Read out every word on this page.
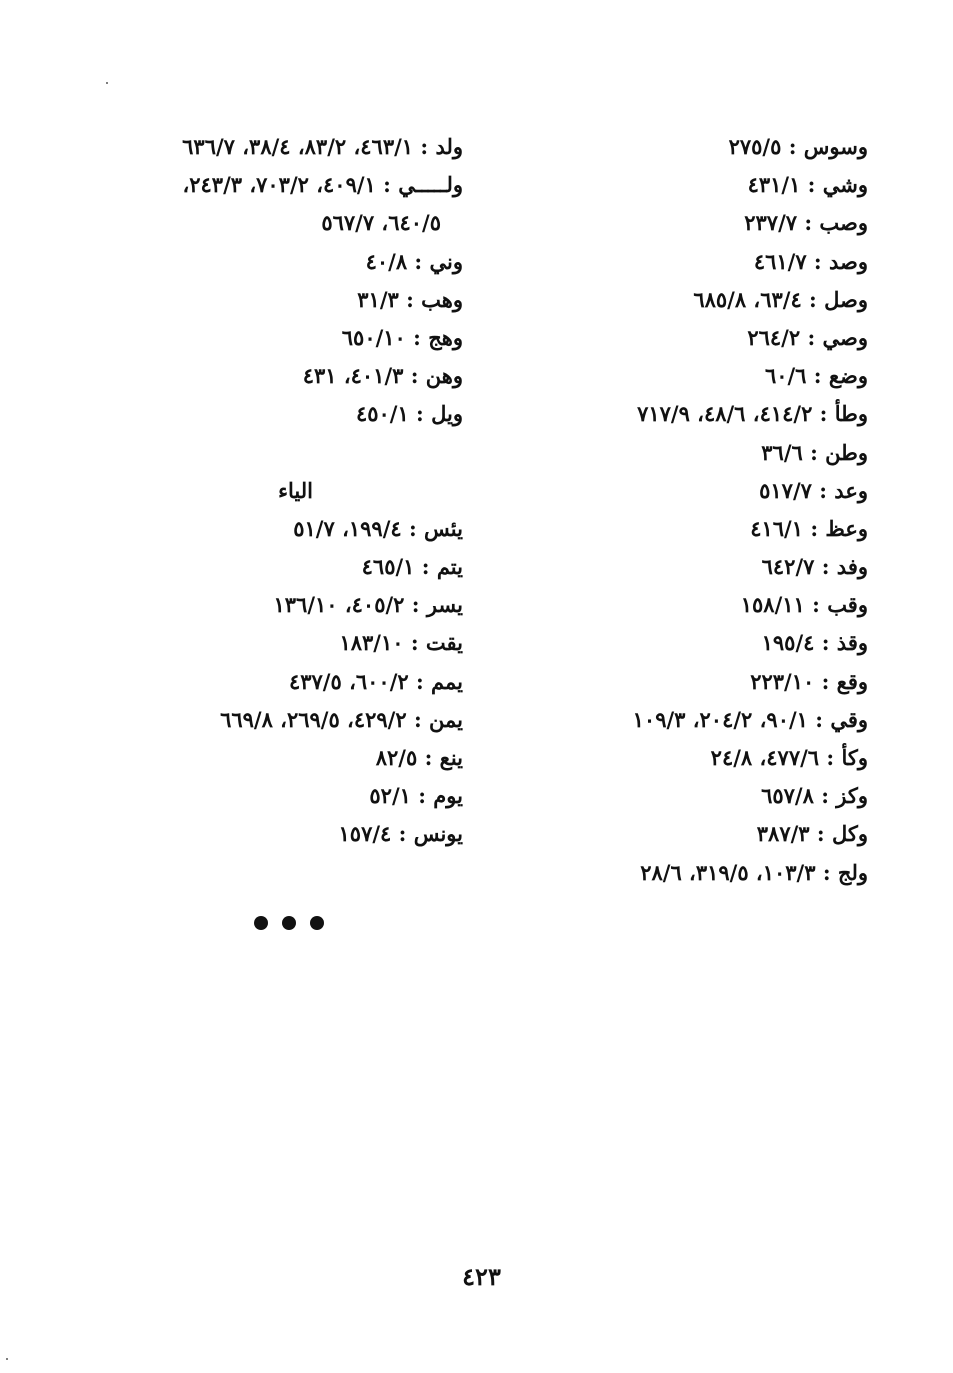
وسوس : ٢٧٥/٥
وشي : ٤٣١/١
وصب : ٢٣٧/٧
وصد : ٤٦١/٧
وصل : ٦٣/٤، ٦٨٥/٨
وصي : ٢٦٤/٢
وضع : ٦٠/٦
وطأ : ٤١٤/٢، ٤٨/٦، ٧١٧/٩
وطن : ٣٦/٦
وعد : ٥١٧/٧
وعظ : ٤١٦/١
وفد : ٦٤٢/٧
وقب : ١٥٨/١١
وقذ : ١٩٥/٤
وقع : ٢٢٣/١٠
وقي : ٩٠/١، ٢٠٤/٢، ١٠٩/٣
وكأ : ٤٧٧/٦، ٢٤/٨
وكز : ٦٥٧/٨
وكل : ٣٨٧/٣
ولج : ١٠٣/٣، ٣١٩/٥، ٢٨/٦
ولد : ٤٦٣/١، ٨٣/٢، ٣٨/٤، ٦٣٦/٧
ولـــــي : ٤٠٩/١، ٧٠٣/٢، ٢٤٣/٣،
٦٤٠/٥، ٥٦٧/٧
وني : ٤٠/٨
وهب : ٣١/٣
وهج : ٦٥٠/١٠
وهن : ٤٠١/٣، ٤٣١
ويل : ٤٥٠/١
الياء
يئس : ١٩٩/٤، ٥١/٧
يتم : ٤٦٥/١
يسر : ٤٠٥/٢، ١٣٦/١٠
يقت : ١٨٣/١٠
يمم : ٦٠٠/٢، ٤٣٧/٥
يمن : ٤٢٩/٢، ٢٦٩/٥، ٦٦٩/٨
ينع : ٨٢/٥
يوم : ٥٢/١
يونس : ١٥٧/٤
٤٢٣
